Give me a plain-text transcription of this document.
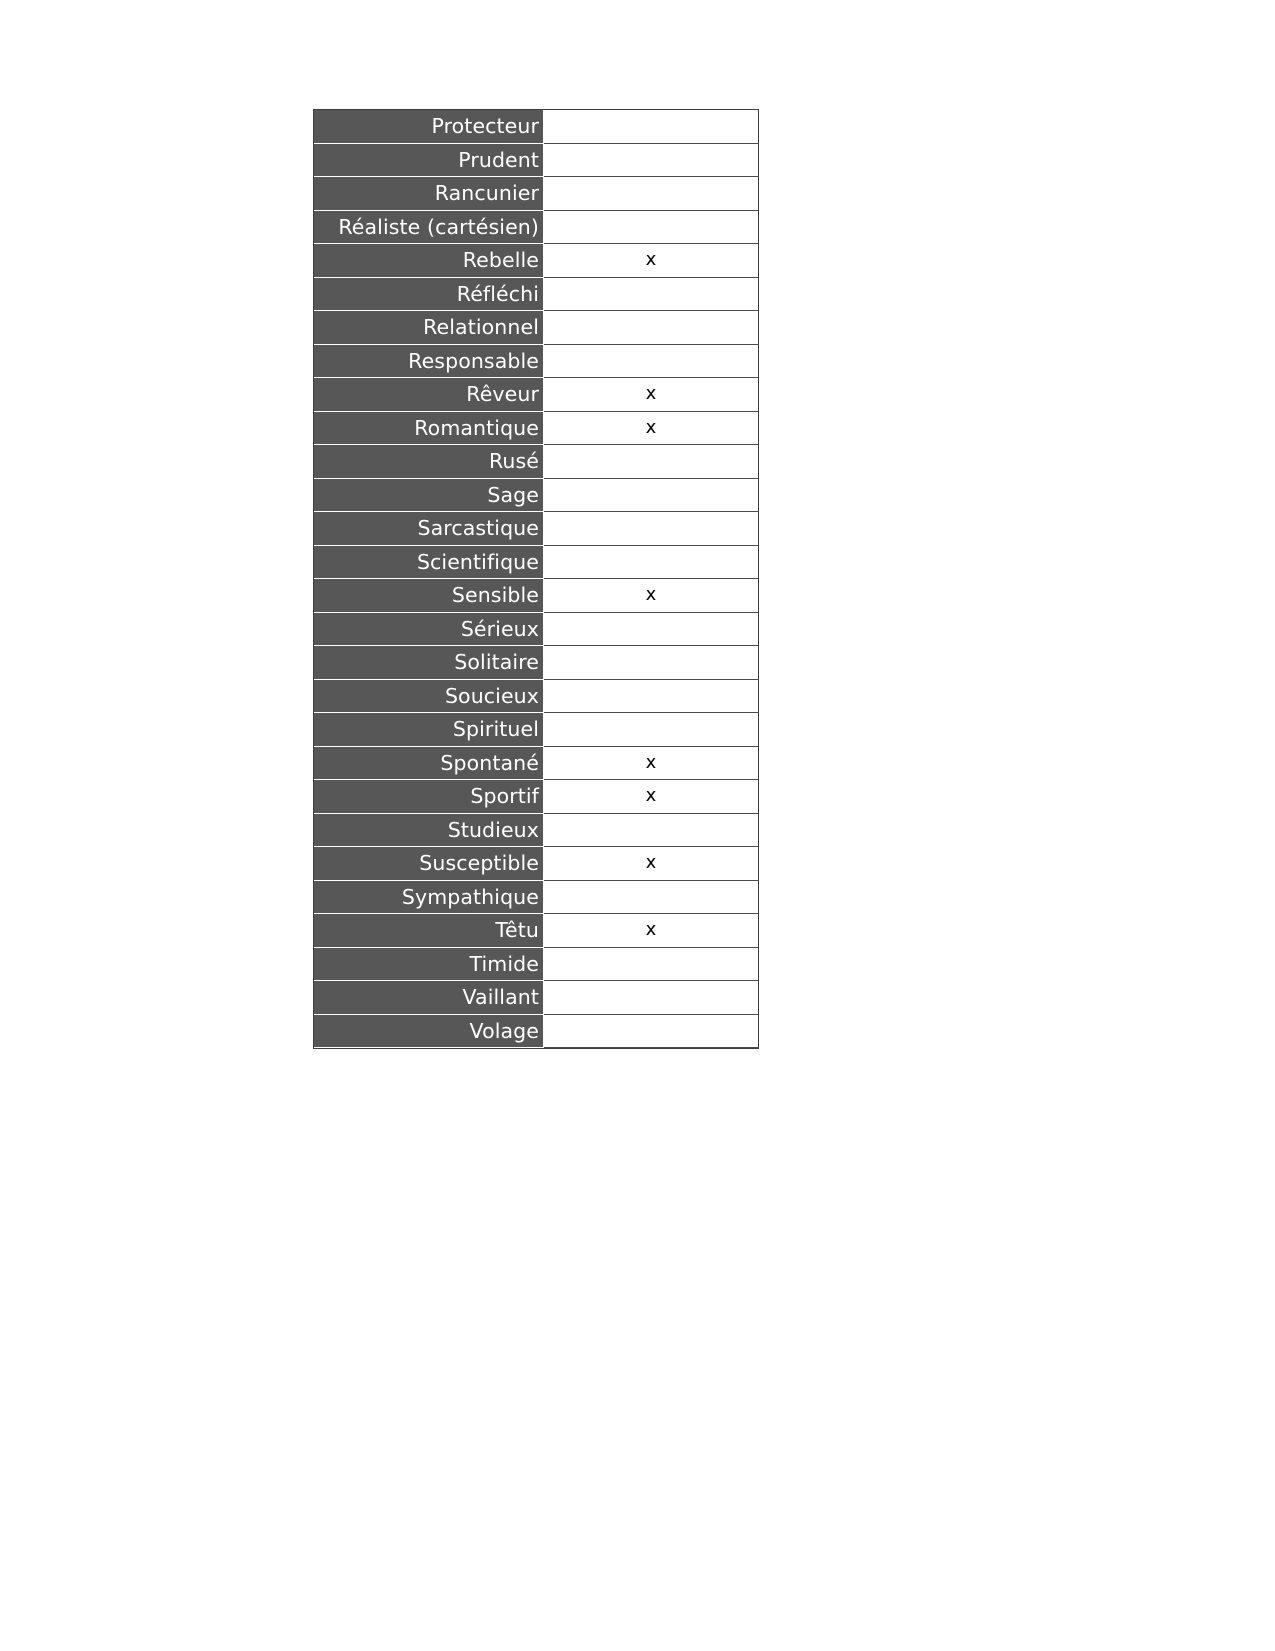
Protecteur	
Prudent	
Rancunier	
Réaliste (cartésien)	
Rebelle	x
Réfléchi	
Relationnel	
Responsable	
Rêveur	x
Romantique	x
Rusé	
Sage	
Sarcastique	
Scientifique	
Sensible	x
Sérieux	
Solitaire	
Soucieux	
Spirituel	
Spontané	x
Sportif	x
Studieux	
Susceptible	x
Sympathique	
Têtu	x
Timide	
Vaillant	
Volage	
